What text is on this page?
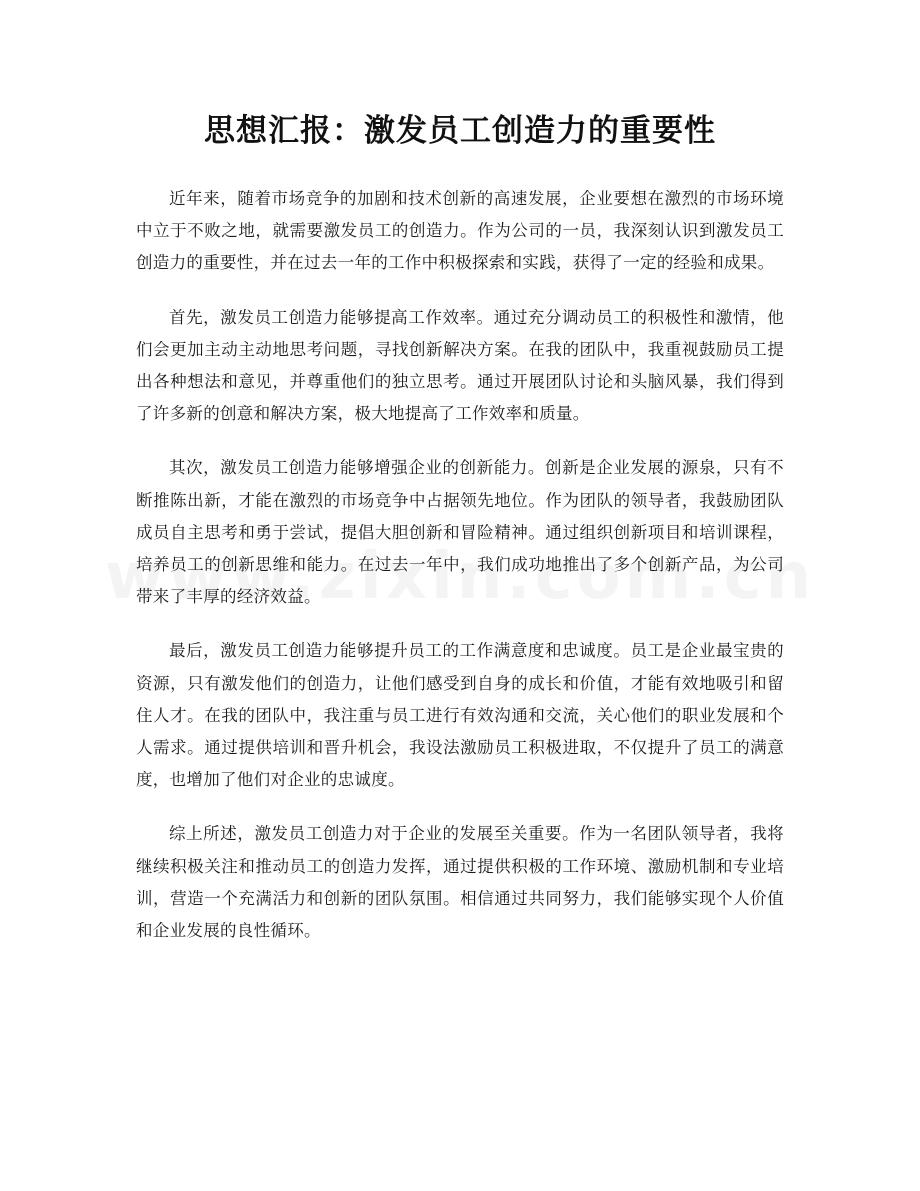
思想汇报：激发员工创造力的重要性

近年来，随着市场竞争的加剧和技术创新的高速发展，企业要想在激烈的市场环境中立于不败之地，就需要激发员工的创造力。作为公司的一员，我深刻认识到激发员工创造力的重要性，并在过去一年的工作中积极探索和实践，获得了一定的经验和成果。

首先，激发员工创造力能够提高工作效率。通过充分调动员工的积极性和激情，他们会更加主动主动地思考问题，寻找创新解决方案。在我的团队中，我重视鼓励员工提出各种想法和意见，并尊重他们的独立思考。通过开展团队讨论和头脑风暴，我们得到了许多新的创意和解决方案，极大地提高了工作效率和质量。

其次，激发员工创造力能够增强企业的创新能力。创新是企业发展的源泉，只有不断推陈出新，才能在激烈的市场竞争中占据领先地位。作为团队的领导者，我鼓励团队成员自主思考和勇于尝试，提倡大胆创新和冒险精神。通过组织创新项目和培训课程，培养员工的创新思维和能力。在过去一年中，我们成功地推出了多个创新产品，为公司带来了丰厚的经济效益。

最后，激发员工创造力能够提升员工的工作满意度和忠诚度。员工是企业最宝贵的资源，只有激发他们的创造力，让他们感受到自身的成长和价值，才能有效地吸引和留住人才。在我的团队中，我注重与员工进行有效沟通和交流，关心他们的职业发展和个人需求。通过提供培训和晋升机会，我设法激励员工积极进取，不仅提升了员工的满意度，也增加了他们对企业的忠诚度。

综上所述，激发员工创造力对于企业的发展至关重要。作为一名团队领导者，我将继续积极关注和推动员工的创造力发挥，通过提供积极的工作环境、激励机制和专业培训，营造一个充满活力和创新的团队氛围。相信通过共同努力，我们能够实现个人价值和企业发展的良性循环。
